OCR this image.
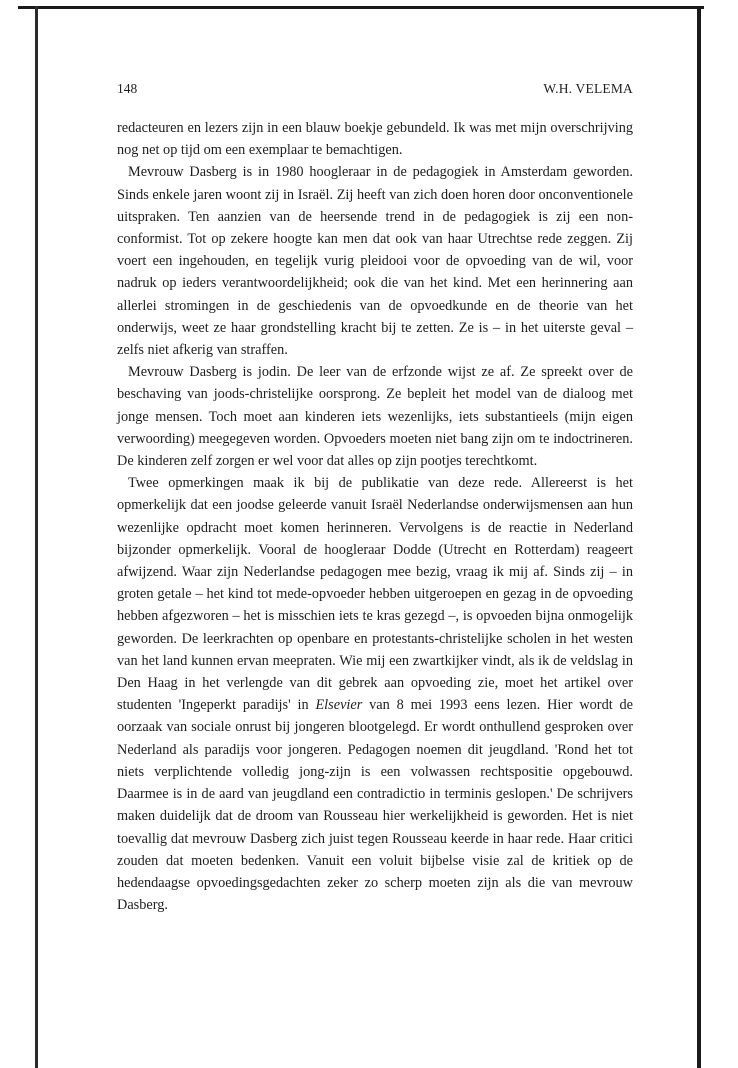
148	W.H. VELEMA

redacteuren en lezers zijn in een blauw boekje gebundeld. Ik was met mijn overschrijving nog net op tijd om een exemplaar te bemachtigen.

Mevrouw Dasberg is in 1980 hoogleraar in de pedagogiek in Amsterdam geworden. Sinds enkele jaren woont zij in Israël. Zij heeft van zich doen horen door onconventionele uitspraken. Ten aanzien van de heersende trend in de pedagogiek is zij een non-conformist. Tot op zekere hoogte kan men dat ook van haar Utrechtse rede zeggen. Zij voert een ingehouden, en tegelijk vurig pleidooi voor de opvoeding van de wil, voor nadruk op ieders verantwoordelijkheid; ook die van het kind. Met een herinnering aan allerlei stromingen in de geschiedenis van de opvoedkunde en de theorie van het onderwijs, weet ze haar grondstelling kracht bij te zetten. Ze is – in het uiterste geval – zelfs niet afkerig van straffen.

Mevrouw Dasberg is jodin. De leer van de erfzonde wijst ze af. Ze spreekt over de beschaving van joods-christelijke oorsprong. Ze bepleit het model van de dialoog met jonge mensen. Toch moet aan kinderen iets wezenlijks, iets substantieels (mijn eigen verwoording) meegegeven worden. Opvoeders moeten niet bang zijn om te indoctrineren. De kinderen zelf zorgen er wel voor dat alles op zijn pootjes terechtkomt.

Twee opmerkingen maak ik bij de publikatie van deze rede. Allereerst is het opmerkelijk dat een joodse geleerde vanuit Israël Nederlandse onderwijsmensen aan hun wezenlijke opdracht moet komen herinneren. Vervolgens is de reactie in Nederland bijzonder opmerkelijk. Vooral de hoogleraar Dodde (Utrecht en Rotterdam) reageert afwijzend. Waar zijn Nederlandse pedagogen mee bezig, vraag ik mij af. Sinds zij – in groten getale – het kind tot mede-opvoeder hebben uitgeroepen en gezag in de opvoeding hebben afgezworen – het is misschien iets te kras gezegd –, is opvoeden bijna onmogelijk geworden. De leerkrachten op openbare en protestants-christelijke scholen in het westen van het land kunnen ervan meepraten. Wie mij een zwartkijker vindt, als ik de veldslag in Den Haag in het verlengde van dit gebrek aan opvoeding zie, moet het artikel over studenten 'Ingeperkt paradijs' in Elsevier van 8 mei 1993 eens lezen. Hier wordt de oorzaak van sociale onrust bij jongeren blootgelegd. Er wordt onthullend gesproken over Nederland als paradijs voor jongeren. Pedagogen noemen dit jeugdland. 'Rond het tot niets verplichtende volledig jong-zijn is een volwassen rechtspositie opgebouwd. Daarmee is in de aard van jeugdland een contradictio in terminis geslopen.' De schrijvers maken duidelijk dat de droom van Rousseau hier werkelijkheid is geworden. Het is niet toevallig dat mevrouw Dasberg zich juist tegen Rousseau keerde in haar rede. Haar critici zouden dat moeten bedenken. Vanuit een voluit bijbelse visie zal de kritiek op de hedendaagse opvoedingsgedachten zeker zo scherp moeten zijn als die van mevrouw Dasberg.
